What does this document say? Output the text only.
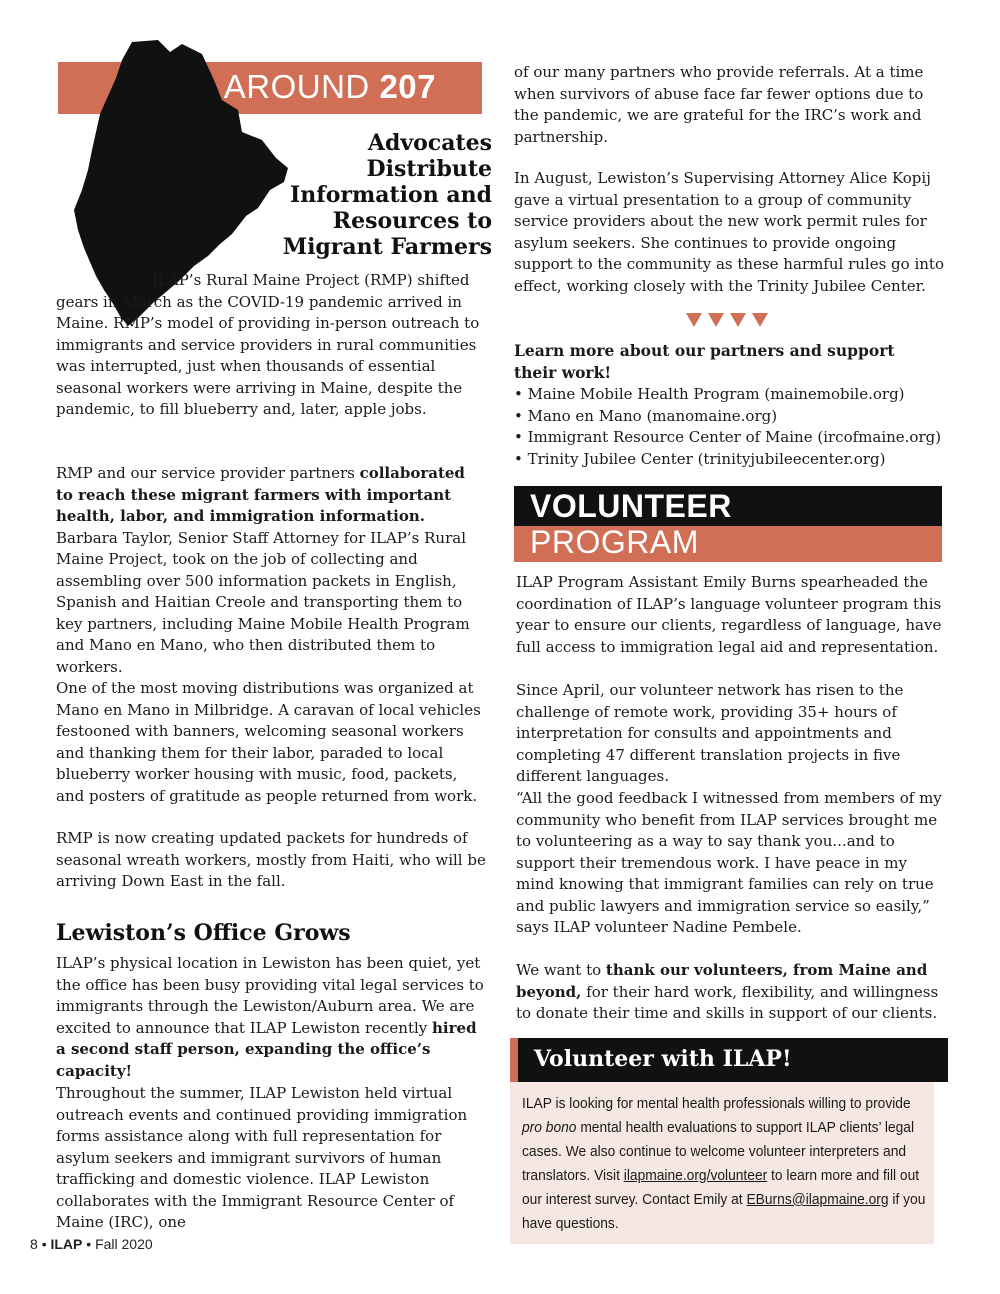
AROUND 207
Advocates
Distribute
Information and
Resources to
Migrant Farmers

ILAP’s Rural Maine Project (RMP) shifted gears in March as the COVID-19 pandemic arrived in Maine. RMP’s model of providing in-person outreach to immigrants and service providers in rural communities was interrupted, just when thousands of essential seasonal workers were arriving in Maine, despite the pandemic, to fill blueberry and, later, apple jobs.

RMP and our service provider partners collaborated to reach these migrant farmers with important health, labor, and immigration information. Barbara Taylor, Senior Staff Attorney for ILAP’s Rural Maine Project, took on the job of collecting and assembling over 500 information packets in English, Spanish and Haitian Creole and transporting them to key partners, including Maine Mobile Health Program and Mano en Mano, who then distributed them to workers.

One of the most moving distributions was organized at Mano en Mano in Milbridge. A caravan of local vehicles festooned with banners, welcoming seasonal workers and thanking them for their labor, paraded to local blueberry worker housing with music, food, packets, and posters of gratitude as people returned from work.

RMP is now creating updated packets for hundreds of seasonal wreath workers, mostly from Haiti, who will be arriving Down East in the fall.

Lewiston’s Office Grows

ILAP’s physical location in Lewiston has been quiet, yet the office has been busy providing vital legal services to immigrants through the Lewiston/Auburn area. We are excited to announce that ILAP Lewiston recently hired a second staff person, expanding the office’s capacity!

Throughout the summer, ILAP Lewiston held virtual outreach events and continued providing immigration forms assistance along with full representation for asylum seekers and immigrant survivors of human trafficking and domestic violence. ILAP Lewiston collaborates with the Immigrant Resource Center of Maine (IRC), one

of our many partners who provide referrals. At a time when survivors of abuse face far fewer options due to the pandemic, we are grateful for the IRC’s work and partnership.

In August, Lewiston’s Supervising Attorney Alice Kopij gave a virtual presentation to a group of community service providers about the new work permit rules for asylum seekers. She continues to provide ongoing support to the community as these harmful rules go into effect, working closely with the Trinity Jubilee Center.

Learn more about our partners and support their work!
• Maine Mobile Health Program (mainemobile.org)
• Mano en Mano (manomaine.org)
• Immigrant Resource Center of Maine (ircofmaine.org)
• Trinity Jubilee Center (trinityjubileecenter.org)
VOLUNTEER
PROGRAM

ILAP Program Assistant Emily Burns spearheaded the coordination of ILAP’s language volunteer program this year to ensure our clients, regardless of language, have full access to immigration legal aid and representation.

Since April, our volunteer network has risen to the challenge of remote work, providing 35+ hours of interpretation for consults and appointments and completing 47 different translation projects in five different languages.

“All the good feedback I witnessed from members of my community who benefit from ILAP services brought me to volunteering as a way to say thank you...and to support their tremendous work. I have peace in my mind knowing that immigrant families can rely on true and public lawyers and immigration service so easily,” says ILAP volunteer Nadine Pembele.

We want to thank our volunteers, from Maine and beyond, for their hard work, flexibility, and willingness to donate their time and skills in support of our clients.

Volunteer with ILAP!

ILAP is looking for mental health professionals willing to provide pro bono mental health evaluations to support ILAP clients’ legal cases. We also continue to welcome volunteer interpreters and translators. Visit ilapmaine.org/volunteer to learn more and fill out our interest survey. Contact Emily at EBurns@ilapmaine.org if you have questions.

8 • ILAP • Fall 2020
